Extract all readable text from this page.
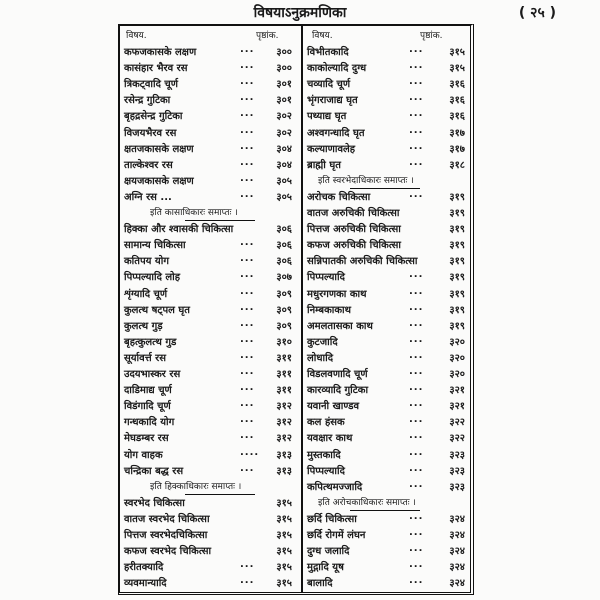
विषयाऽनुक्रमणिका	( २५ )
विषय.	पृष्ठांक.	विषय.	पृष्ठांक.
कफजकासके लक्षण	...	३००
कासंहार भैरव रस	...	३००
त्रिकट्वादि चूर्ण	...	३०१
रसेन्द्र गुटिका	...	३०१
बृहद्रसेन्द्र गुटिका	...	३०२
विजयभैरव रस	...	३०२
क्षतजकासके लक्षण	...	३०४
ताल्केश्वर रस	...	३०४
क्षयजकासके लक्षण	...	३०५
अग्नि रस ...	...	३०५
इति कासाधिकारः समाप्तः ।
हिक्का और श्वासकी चिकित्सा	३०६
सामान्य चिकित्सा	...	३०६
कतिपय योग	...	३०६
पिप्पल्यादि लोह	...	३०७
शृंग्यादि चूर्ण	...	३०९
कुलत्थ षट्पल घृत	...	३०९
कुलत्थ गुड़	...	३०९
बृहत्कुलत्थ गुड	...	३१०
सूर्यावर्त्त रस	...	३११
उदयभास्कर रस	...	३११
दाडिमाद्य चूर्ण	...	३११
विडंगादि चूर्ण	...	३१२
गन्धकादि योग	...	३१२
मेघडम्बर रस	...	३१२
योग वाहक	....	३१३
चन्द्रिका बद्ध रस	...	३१३
इति हिक्काधिकारः समाप्तः ।
स्वरभेद चिकित्सा	३१५
वातज स्वरभेद चिकित्सा	३१५
पित्तज स्वरभेदचिकित्सा	३१५
कफज स्वरभेद चिकित्सा	३१५
हरीतक्यादि	...	३१५
व्यवमान्यादि	...	३१५
विभीतकादि	...	३१५
काकोल्यादि दुग्ध	...	३१५
चव्यादि चूर्ण	...	३१६
भृंगराजाद्य घृत	...	३१६
पथ्याद्य घृत	...	३१६
अश्वगन्धादि घृत	...	३१७
कल्याणावलेह	...	३१७
ब्राह्मी घृत	...	३१८
इति स्वरभेदाधिकारः समाप्तः ।
अरोचक चिकित्सा	...	३१९
वातज अरुचिकी चिकित्सा	३१९
पित्तज अरुचिकी चिकित्सा	३१९
कफज अरुचिकी चिकित्सा	३१९
सन्निपातकी अरुचिकी चिकित्सा	३१९
पिप्पल्यादि	...	३१९
मधुरगणका काथ	...	३१९
निम्बकाकाथ	...	३१९
अमलतासका काथ	...	३१९
कुटजादि	...	३२०
लोधादि	...	३२०
विडलवणादि चूर्ण	...	३२०
कारव्यादि गुटिका	...	३२१
यवानी खाण्डव	...	३२१
कल हंसक	...	३२२
यवक्षार काथ	...	३२२
मुस्तकादि	...	३२३
पिप्पल्यादि	...	३२३
कपित्थमज्जादि	...	३२३
इति अरोचकाधिकारः समाप्तः ।
छर्दि चिकित्सा	...	३२४
छर्दि रोगमें लंघन	...	३२४
दुग्ध जलादि	...	३२४
मुद्गादि यूष	...	३२४
बालादि	...	३२४
